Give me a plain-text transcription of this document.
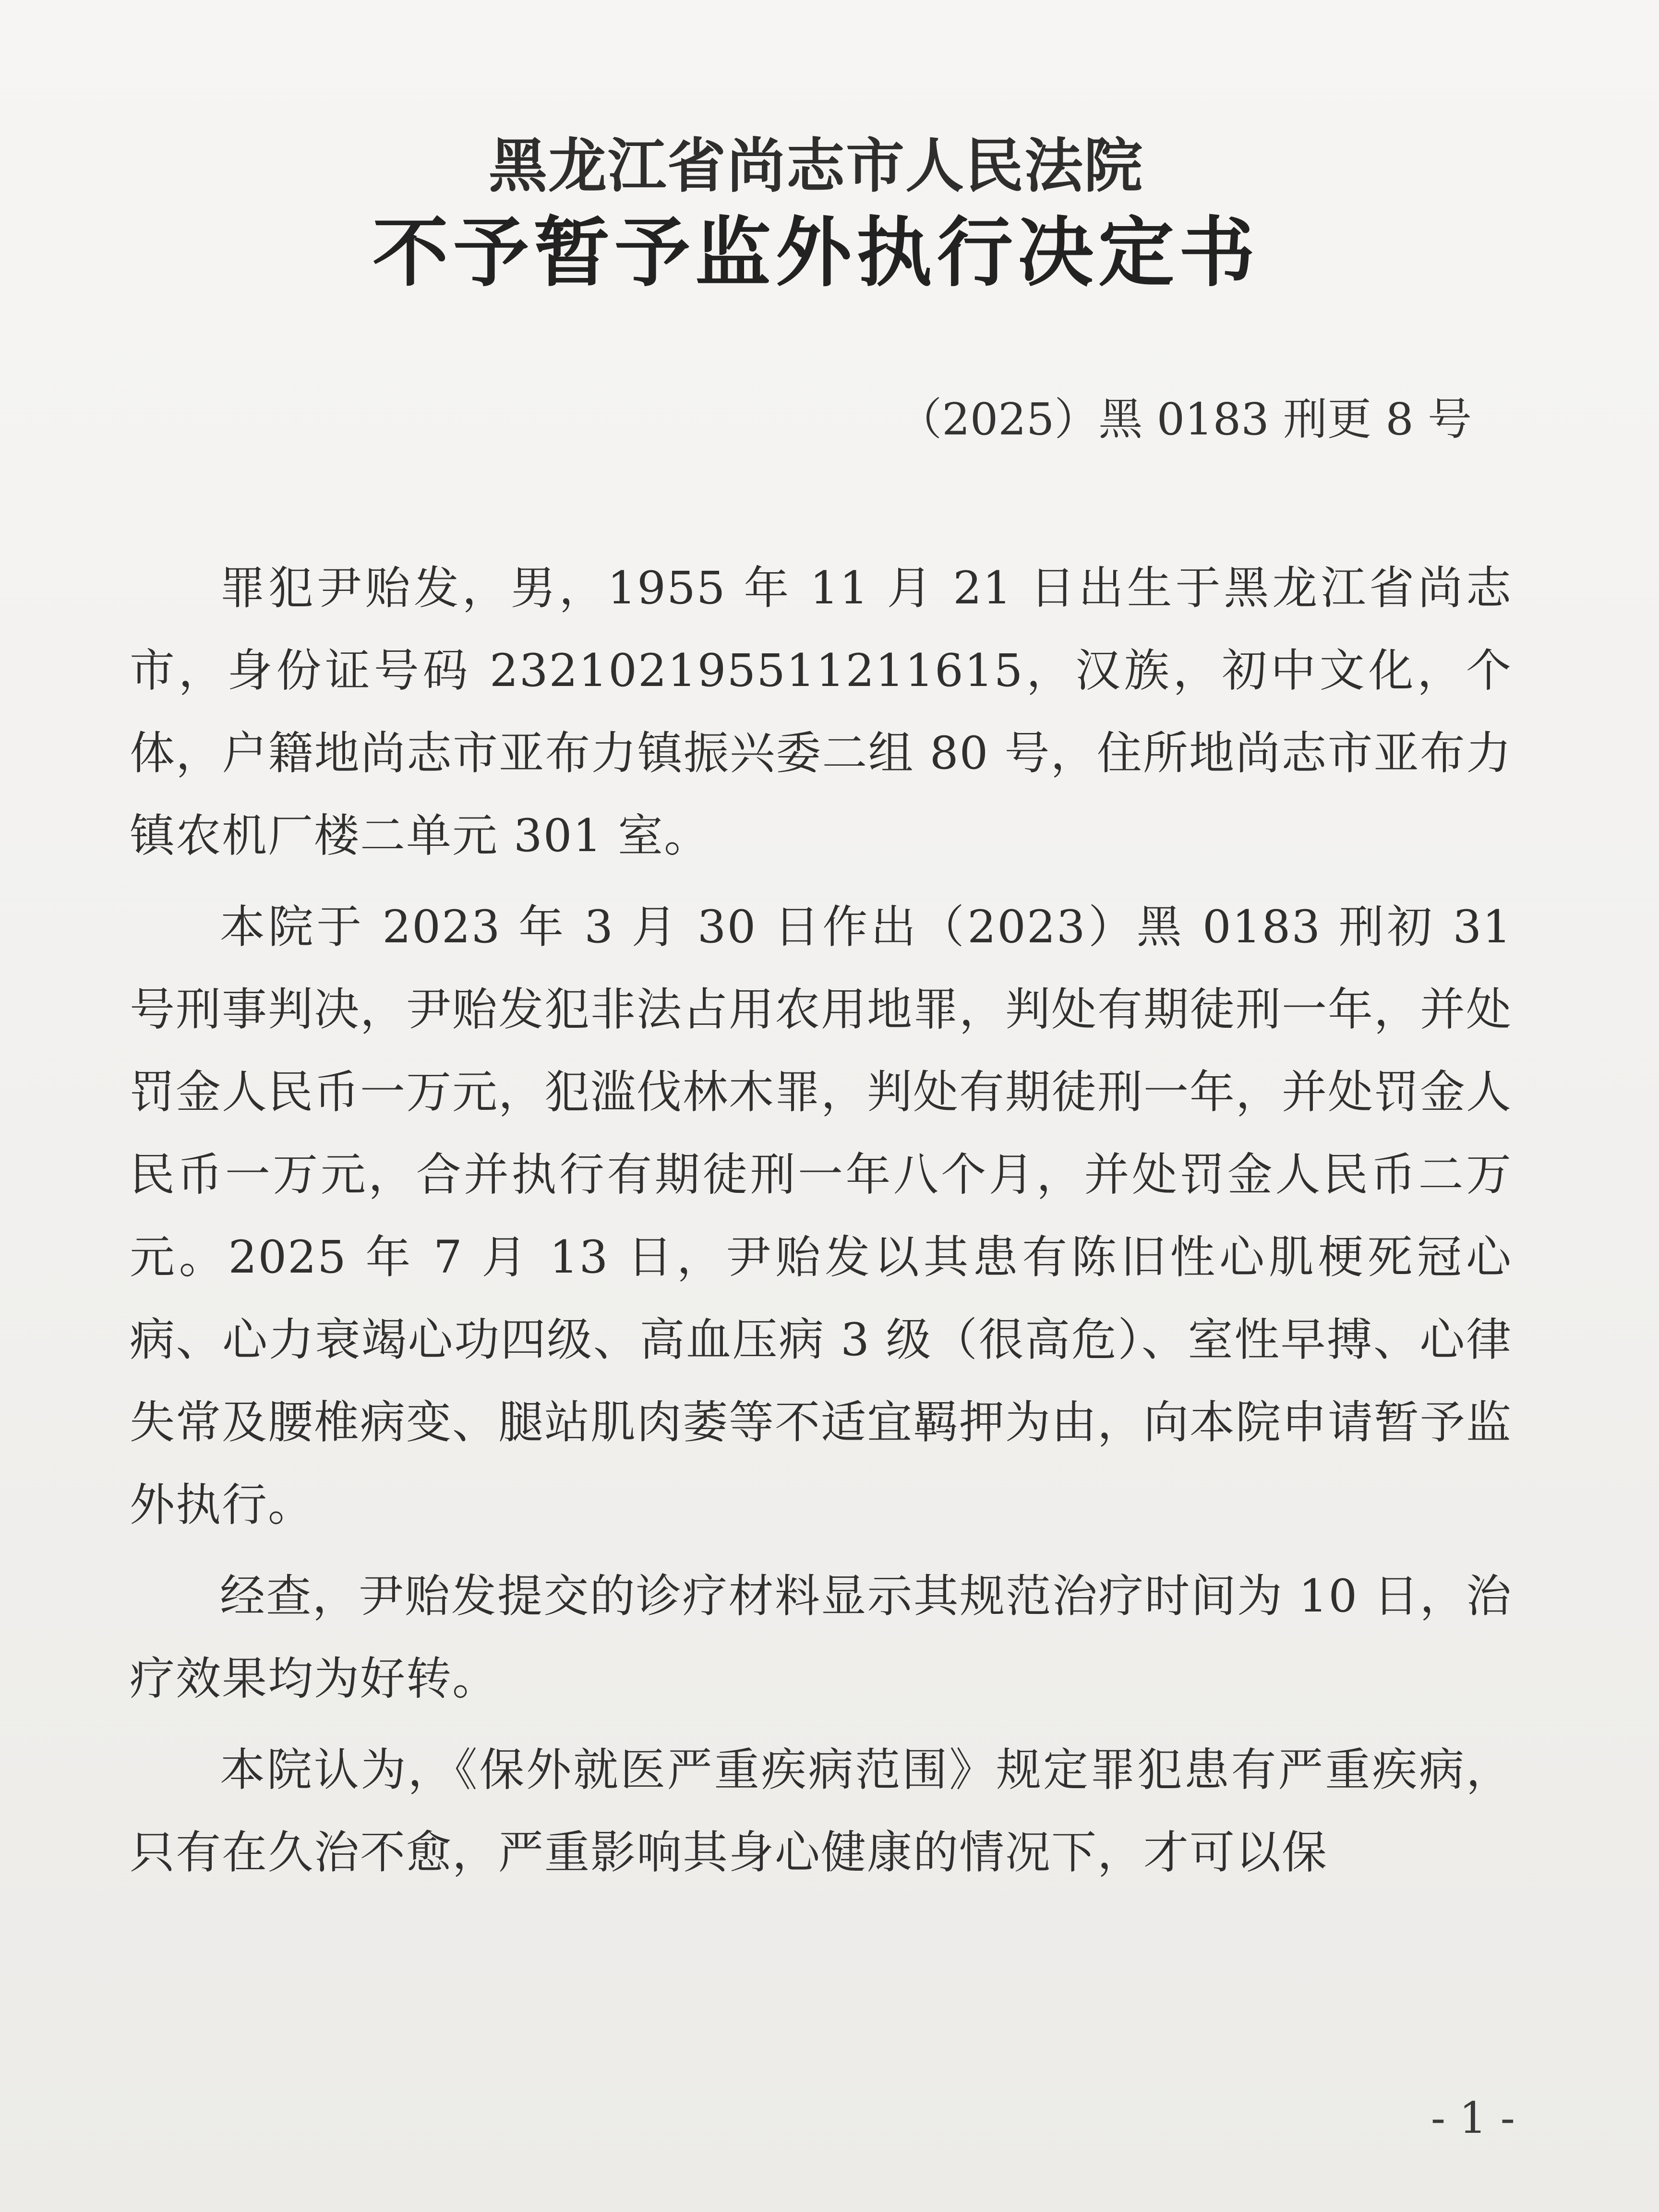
黑龙江省尚志市人民法院
不予暂予监外执行决定书
（2025）黑 0183 刑更 8 号

罪犯尹贻发，男，1955 年 11 月 21 日出生于黑龙江省尚志市，身份证号码 232102195511211615，汉族，初中文化，个体，户籍地尚志市亚布力镇振兴委二组 80 号，住所地尚志市亚布力镇农机厂楼二单元 301 室。

本院于 2023 年 3 月 30 日作出（2023）黑 0183 刑初 31 号刑事判决，尹贻发犯非法占用农用地罪，判处有期徒刑一年，并处罚金人民币一万元，犯滥伐林木罪，判处有期徒刑一年，并处罚金人民币一万元，合并执行有期徒刑一年八个月，并处罚金人民币二万元。2025 年 7 月 13 日，尹贻发以其患有陈旧性心肌梗死冠心病、心力衰竭心功四级、高血压病 3 级（很高危）、室性早搏、心律失常及腰椎病变、腿站肌肉萎等不适宜羁押为由，向本院申请暂予监外执行。

经查，尹贻发提交的诊疗材料显示其规范治疗时间为 10 日，治疗效果均为好转。

本院认为，《保外就医严重疾病范围》规定罪犯患有严重疾病，只有在久治不愈，严重影响其身心健康的情况下，才可以保

- 1 -
